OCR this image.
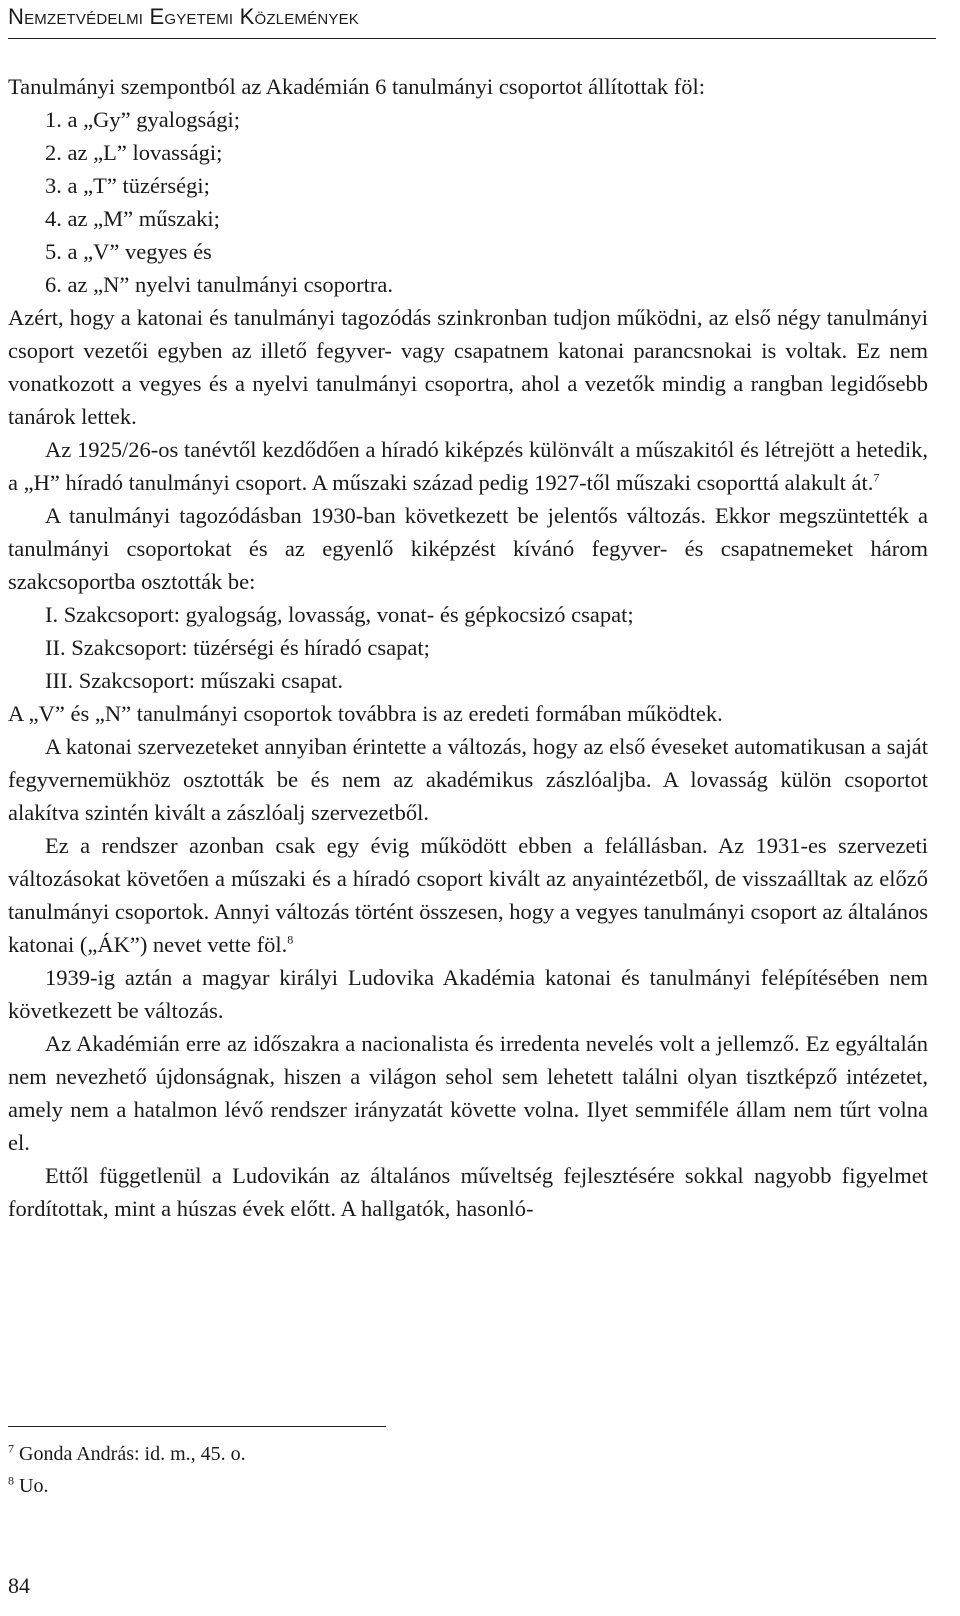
Nemzetvédelmi Egyetemi Közlemények

Tanulmányi szempontból az Akadémián 6 tanulmányi csoportot állítottak föl:

1. a „Gy” gyalogsági;

2. az „L” lovassági;

3. a „T” tüzérségi;

4. az „M” műszaki;

5. a „V” vegyes és

6. az „N” nyelvi tanulmányi csoportra.

Azért, hogy a katonai és tanulmányi tagozódás szinkronban tudjon működni, az első négy tanulmányi csoport vezetői egyben az illető fegyver- vagy csapatnem katonai parancsnokai is voltak. Ez nem vonatkozott a vegyes és a nyelvi tanulmányi csoportra, ahol a vezetők mindig a rangban legidősebb tanárok lettek.

Az 1925/26-os tanévtől kezdődően a híradó kiképzés különvált a műszakitól és létrejött a hetedik, a „H” híradó tanulmányi csoport. A műszaki század pedig 1927-től műszaki csoporttá alakult át.$^7$

A tanulmányi tagozódásban 1930-ban következett be jelentős változás. Ekkor megszüntették a tanulmányi csoportokat és az egyenlő kiképzést kívánó fegyver- és csapatnemeket három szakcsoportba osztották be:

I. Szakcsoport: gyalogság, lovasság, vonat- és gépkocsizó csapat;

II. Szakcsoport: tüzérségi és híradó csapat;

III. Szakcsoport: műszaki csapat.

A „V” és „N” tanulmányi csoportok továbbra is az eredeti formában működtek.

A katonai szervezeteket annyiban érintette a változás, hogy az első éveseket automatikusan a saját fegyvernemükhöz osztották be és nem az akadémikus zászlóaljba. A lovasság külön csoportot alakítva szintén kivált a zászlóalj szervezetből.

Ez a rendszer azonban csak egy évig működött ebben a felállásban. Az 1931-es szervezeti változásokat követően a műszaki és a híradó csoport kivált az anyaintézetből, de visszaálltak az előző tanulmányi csoportok. Annyi változás történt összesen, hogy a vegyes tanulmányi csoport az általános katonai („ÁK”) nevet vette föl.$^8$

1939-ig aztán a magyar királyi Ludovika Akadémia katonai és tanulmányi felépítésében nem következett be változás.

Az Akadémián erre az időszakra a nacionalista és irredenta nevelés volt a jellemző. Ez egyáltalán nem nevezhető újdonságnak, hiszen a világon sehol sem lehetett találni olyan tisztképző intézetet, amely nem a hatalmon lévő rendszer irányzatát követte volna. Ilyet semmiféle állam nem tűrt volna el.

Ettől függetlenül a Ludovikán az általános műveltség fejlesztésére sokkal nagyobb figyelmet fordítottak, mint a húszas évek előtt. A hallgatók, hasonló-

$^7$ Gonda András: id. m., 45. o.

$^8$ Uo.

84
